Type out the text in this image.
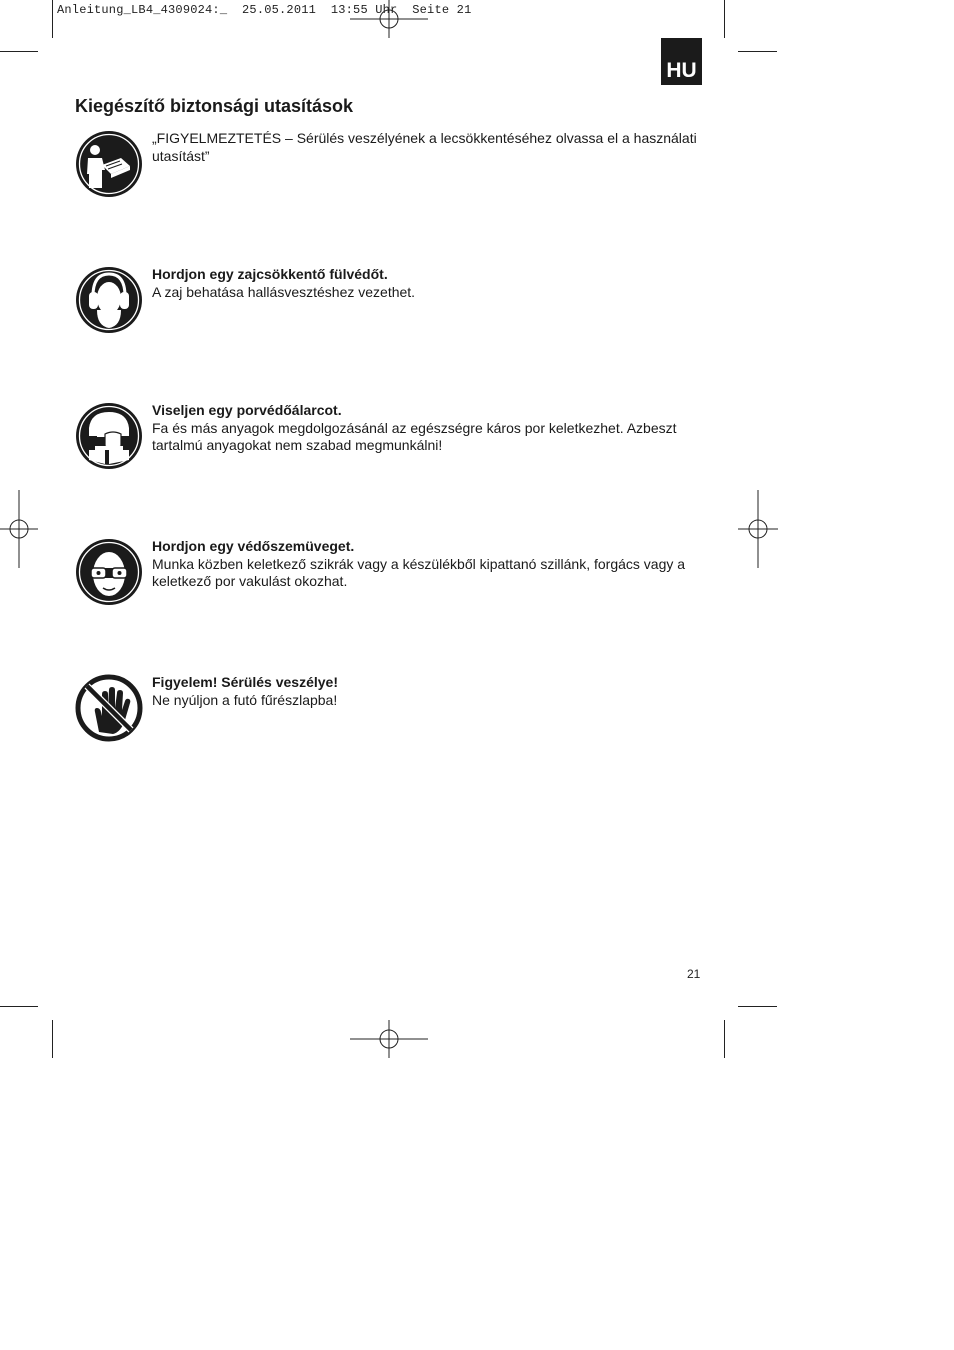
Anleitung_LB4_4309024:_  25.05.2011  13:55 Uhr  Seite 21
HU
Kiegészítő biztonsági utasítások
„FIGYELMEZTETÉS – Sérülés veszélyének a lecsökkentéséhez olvassa el a használati utasítást”
Hordjon egy zajcsökkentő fülvédőt.
A zaj behatása hallásvesztéshez vezethet.
Viseljen egy porvédőálarcot.
Fa és más anyagok megdolgozásánál az egészségre káros por keletkezhet. Azbeszt tartalmú anyagokat nem szabad megmunkálni!
Hordjon egy védőszemüveget.
Munka közben keletkező szikrák vagy a készülékből kipattanó szillánk, forgács vagy a keletkező por vakulást okozhat.
Figyelem! Sérülés veszélye!
Ne nyúljon a futó fűrészlapba!
21
